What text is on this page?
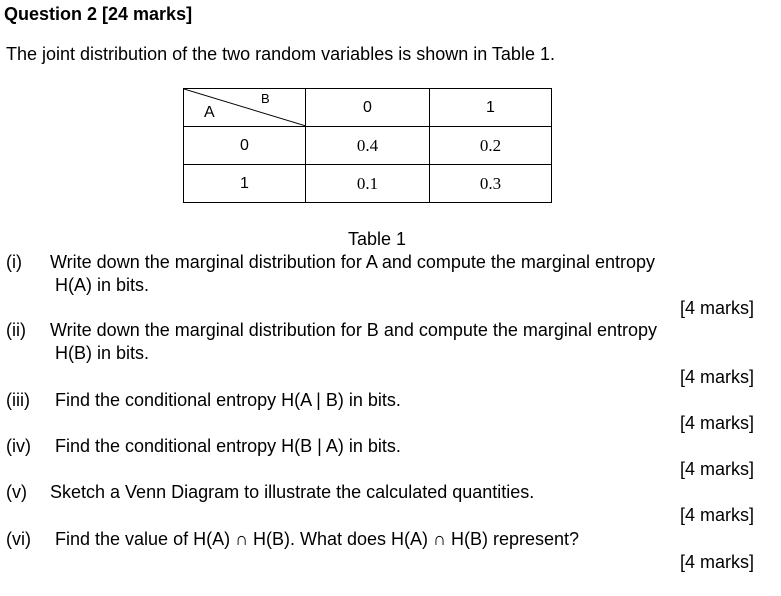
Question 2 [24 marks]
The joint distribution of the two random variables is shown in Table 1.
A
B	0	1
0	0.4	0.2
1	0.1	0.3
Table 1
(i) Write down the marginal distribution for A and compute the marginal entropy
H(A) in bits.
[4 marks]
(ii) Write down the marginal distribution for B and compute the marginal entropy
H(B) in bits.
[4 marks]
(iii) Find the conditional entropy H(A | B) in bits.
[4 marks]
(iv) Find the conditional entropy H(B | A) in bits.
[4 marks]
(v) Sketch a Venn Diagram to illustrate the calculated quantities.
[4 marks]
(vi) Find the value of H(A) ∩ H(B). What does H(A) ∩ H(B) represent?
[4 marks]
